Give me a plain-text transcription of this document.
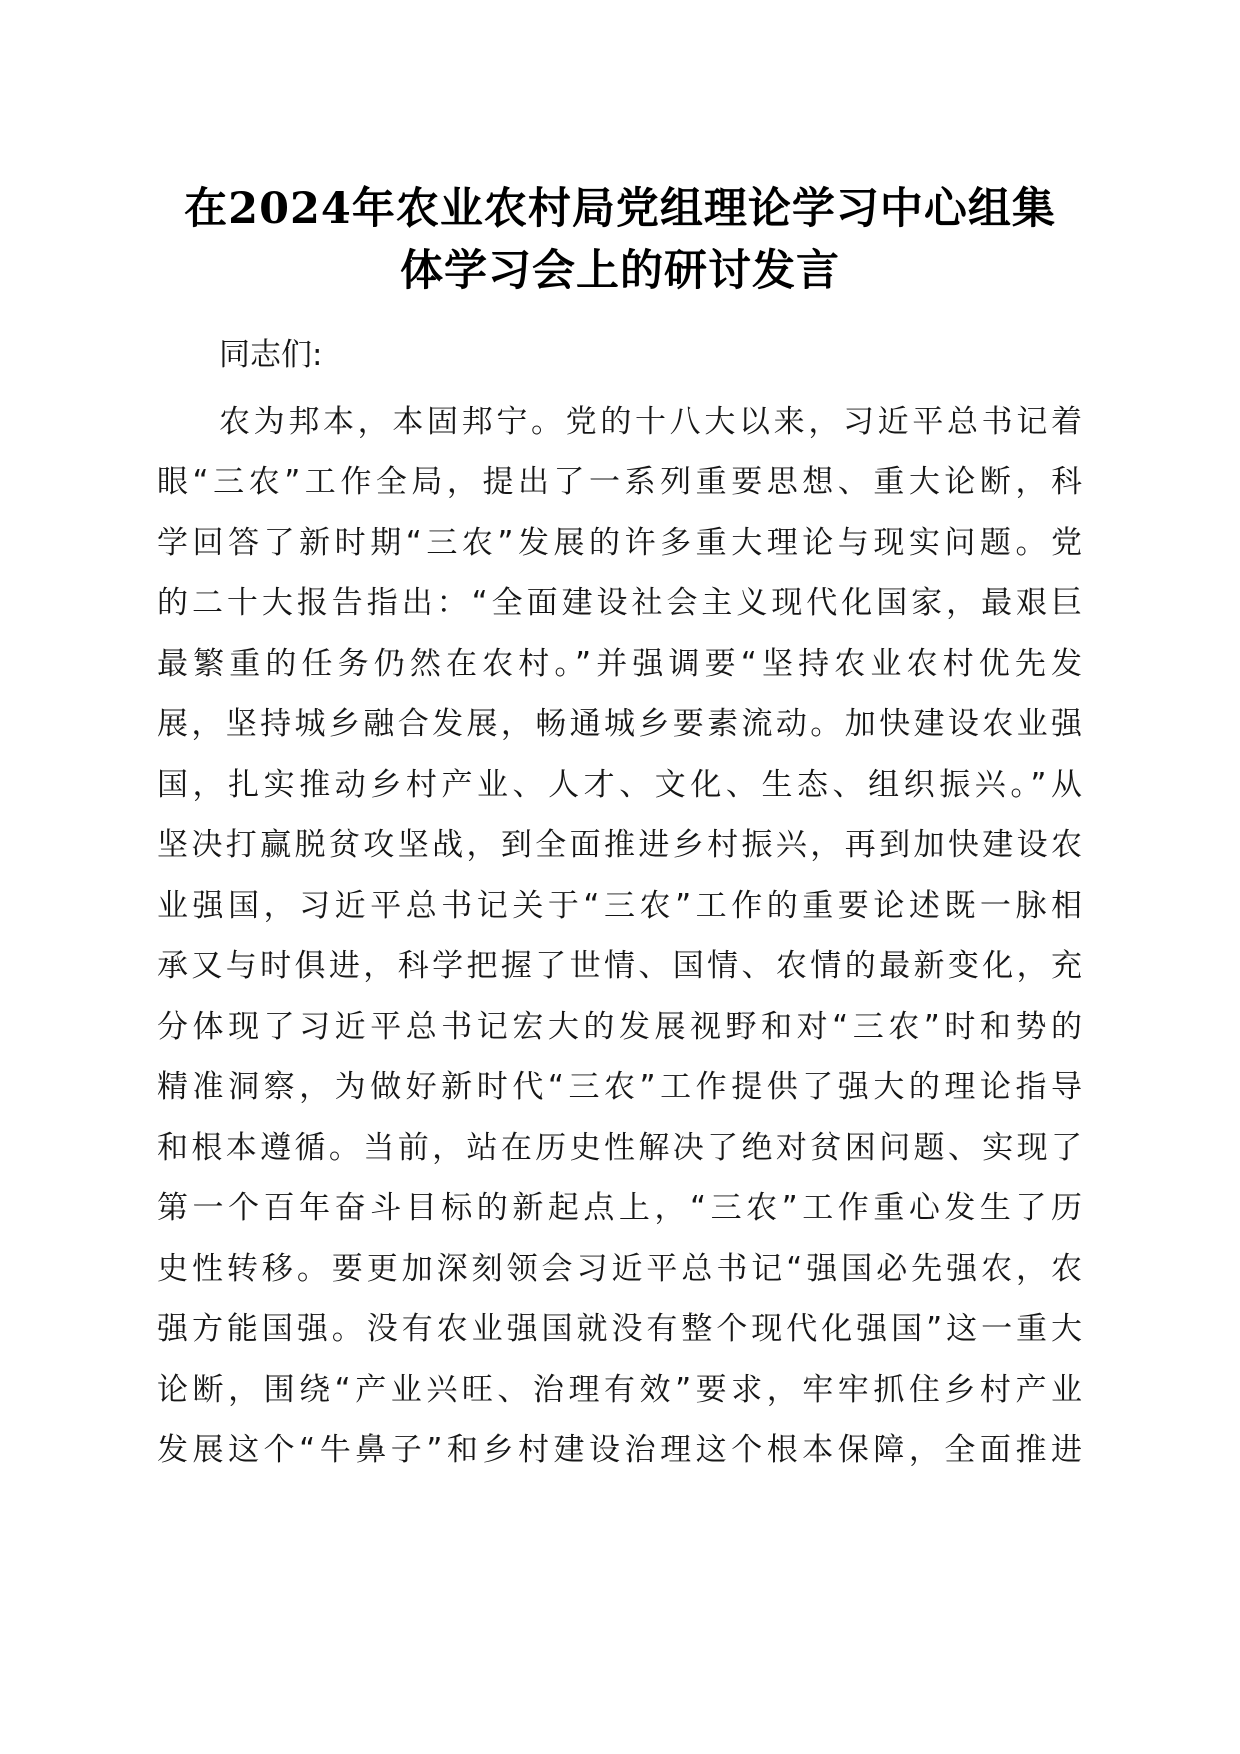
在2024年农业农村局党组理论学习中心组集
体学习会上的研讨发言

同志们:

农为邦本，本固邦宁。党的十八大以来，习近平总书记着
眼“三农”工作全局，提出了一系列重要思想、重大论断，科
学回答了新时期“三农”发展的许多重大理论与现实问题。党
的二十大报告指出：“全面建设社会主义现代化国家，最艰巨
最繁重的任务仍然在农村。”并强调要“坚持农业农村优先发
展，坚持城乡融合发展，畅通城乡要素流动。加快建设农业强
国，扎实推动乡村产业、人才、文化、生态、组织振兴。”从
坚决打赢脱贫攻坚战，到全面推进乡村振兴，再到加快建设农
业强国，习近平总书记关于“三农”工作的重要论述既一脉相
承又与时俱进，科学把握了世情、国情、农情的最新变化，充
分体现了习近平总书记宏大的发展视野和对“三农”时和势的
精准洞察，为做好新时代“三农”工作提供了强大的理论指导
和根本遵循。当前，站在历史性解决了绝对贫困问题、实现了
第一个百年奋斗目标的新起点上，“三农”工作重心发生了历
史性转移。要更加深刻领会习近平总书记“强国必先强农，农
强方能国强。没有农业强国就没有整个现代化强国”这一重大
论断，围绕“产业兴旺、治理有效”要求，牢牢抓住乡村产业
发展这个“牛鼻子”和乡村建设治理这个根本保障，全面推进
